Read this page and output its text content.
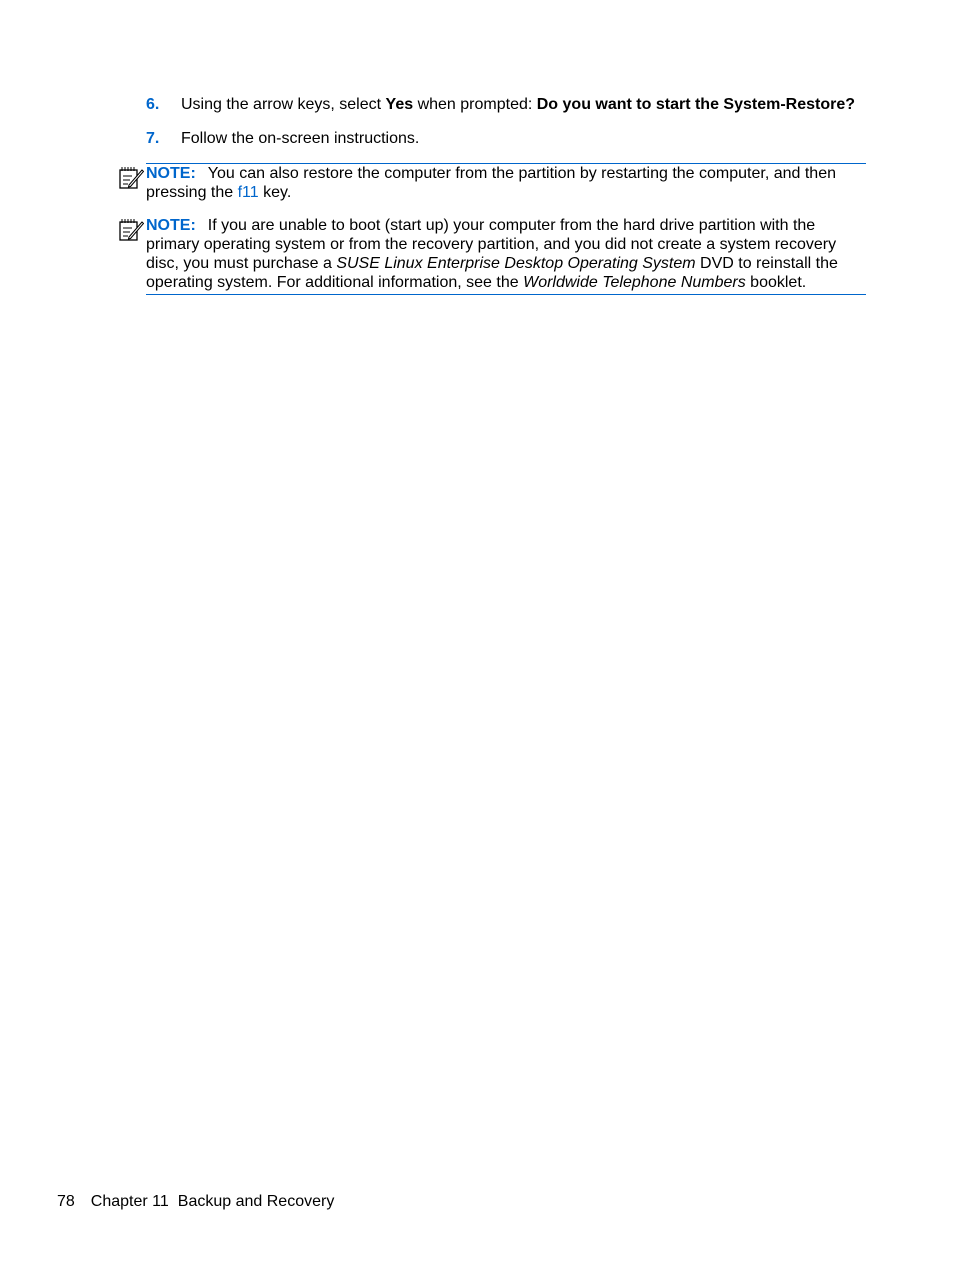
6. Using the arrow keys, select Yes when prompted: Do you want to start the System-Restore?
7. Follow the on-screen instructions.
NOTE: You can also restore the computer from the partition by restarting the computer, and then pressing the f11 key.
NOTE: If you are unable to boot (start up) your computer from the hard drive partition with the primary operating system or from the recovery partition, and you did not create a system recovery disc, you must purchase a SUSE Linux Enterprise Desktop Operating System DVD to reinstall the operating system. For additional information, see the Worldwide Telephone Numbers booklet.
78 Chapter 11 Backup and Recovery
